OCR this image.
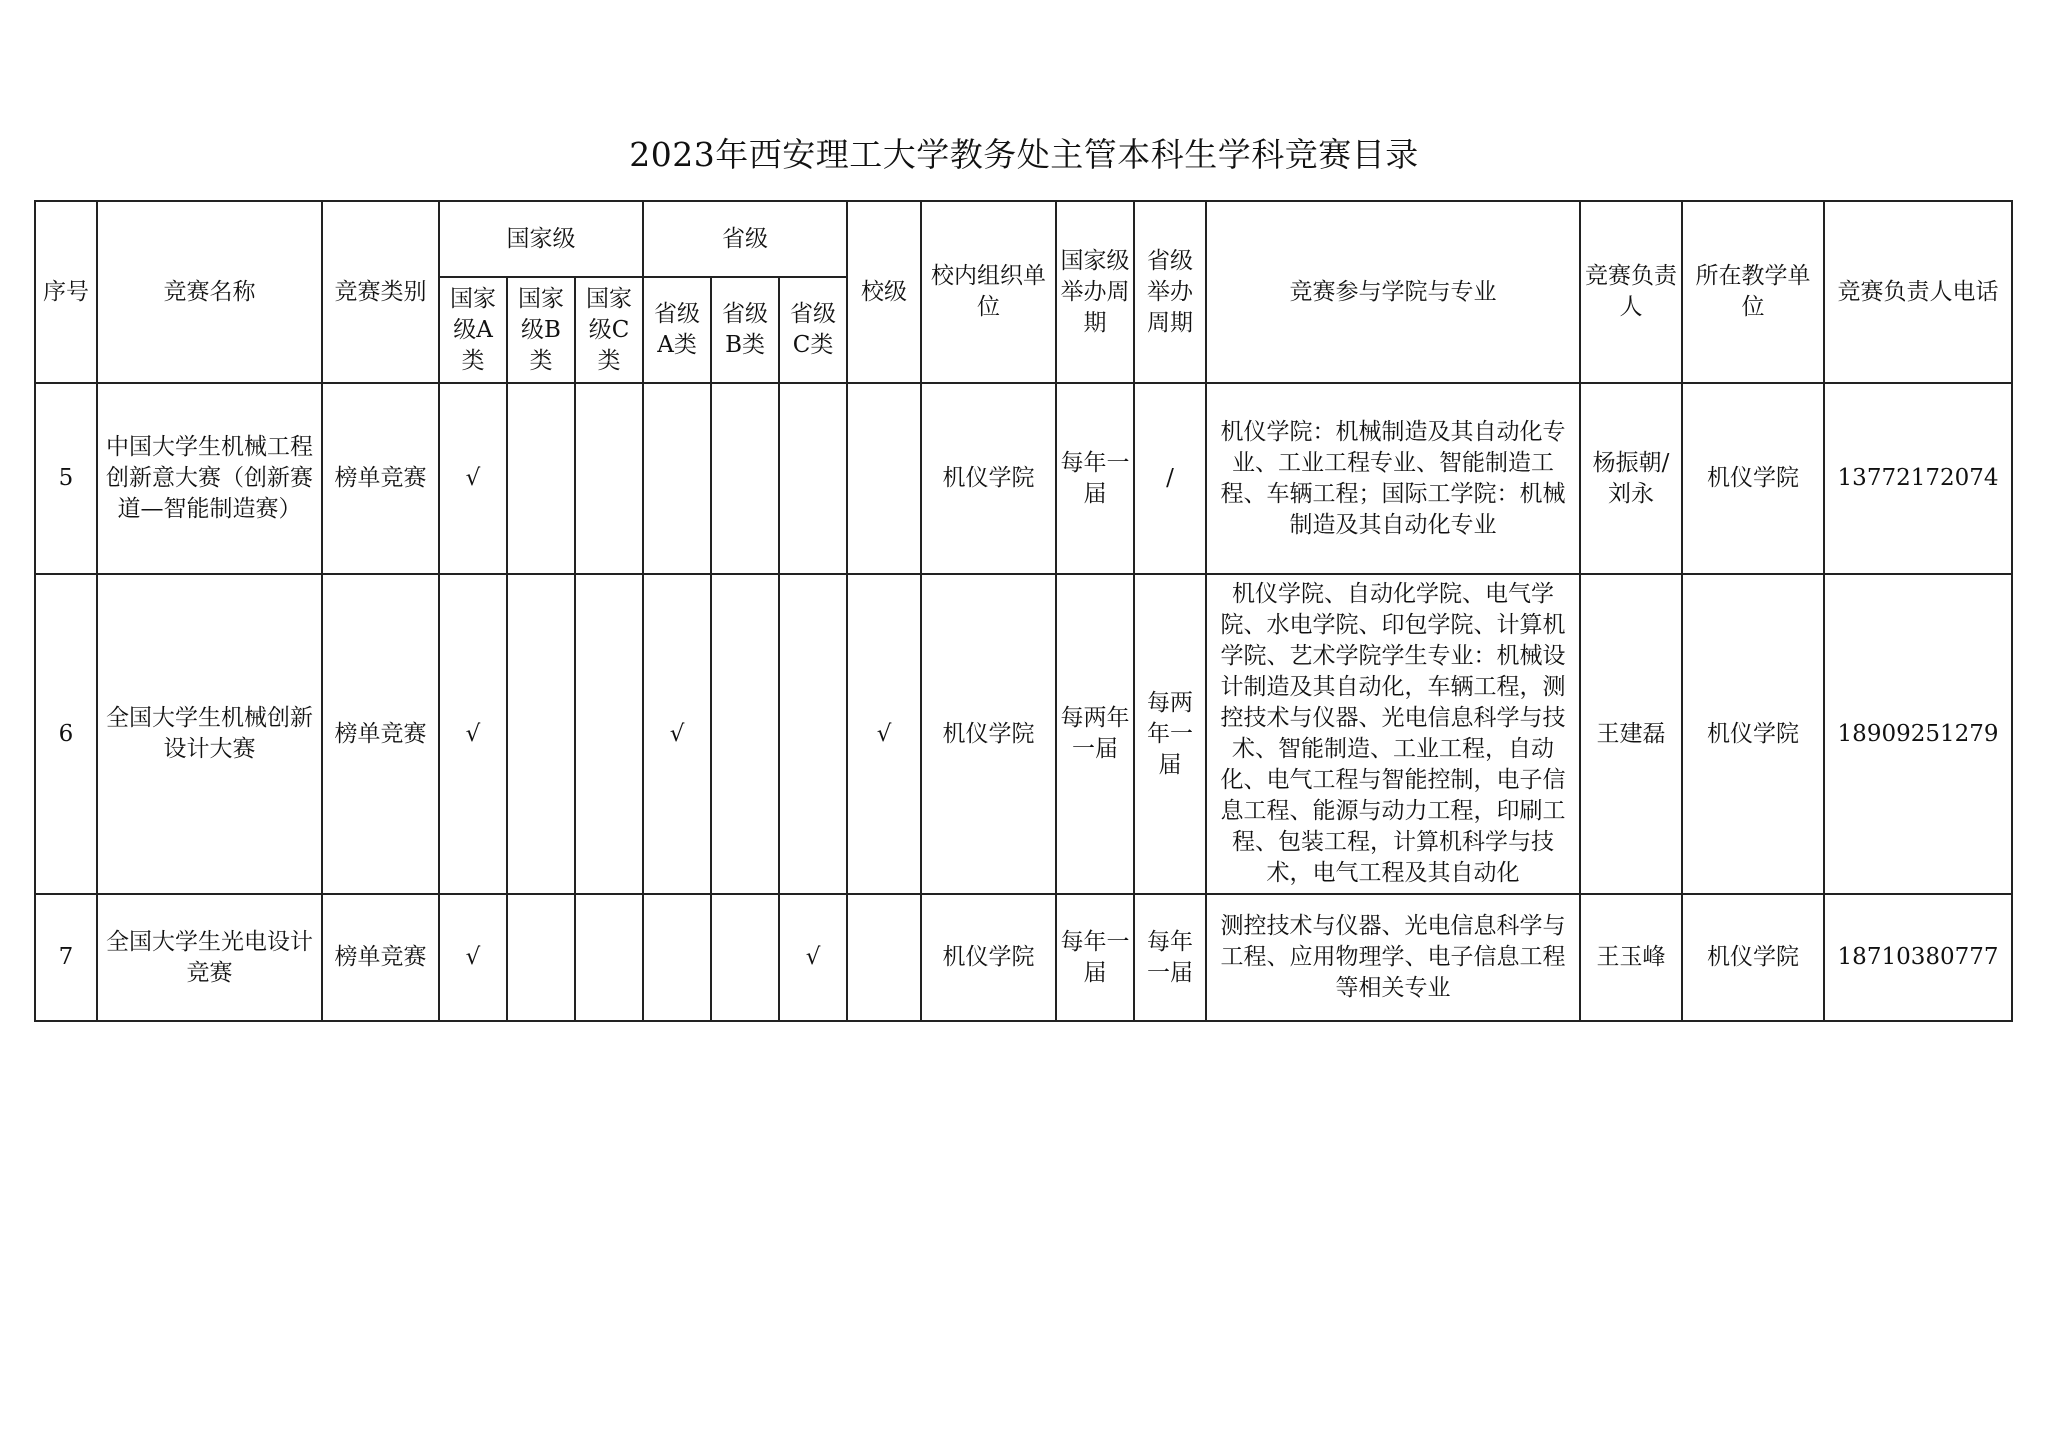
2023年西安理工大学教务处主管本科生学科竞赛目录
序号	竞赛名称	竞赛类别	国家级			省级			校级	校内组织单位	国家级举办周期	省级举办周期	竞赛参与学院与专业	竞赛负责人	所在教学单位	竞赛负责人电话
			国家级A类	国家级B类	国家级C类	省级A类	省级B类	省级C类								
5	中国大学生机械工程创新意大赛（创新赛道—智能制造赛）	榜单竞赛	√							机仪学院	每年一届	/	机仪学院：机械制造及其自动化专业、工业工程专业、智能制造工程、车辆工程；国际工学院：机械制造及其自动化专业	杨振朝/刘永	机仪学院	13772172074
6	全国大学生机械创新设计大赛	榜单竞赛	√			√			√	机仪学院	每两年一届	每两年一届	机仪学院、自动化学院、电气学院、水电学院、印包学院、计算机学院、艺术学院学生专业：机械设计制造及其自动化，车辆工程，测控技术与仪器、光电信息科学与技术、智能制造、工业工程，自动化、电气工程与智能控制，电子信息工程、能源与动力工程，印刷工程、包装工程，计算机科学与技术，电气工程及其自动化	王建磊	机仪学院	18909251279
7	全国大学生光电设计竞赛	榜单竞赛	√					√		机仪学院	每年一届	每年一届	测控技术与仪器、光电信息科学与工程、应用物理学、电子信息工程等相关专业	王玉峰	机仪学院	18710380777
